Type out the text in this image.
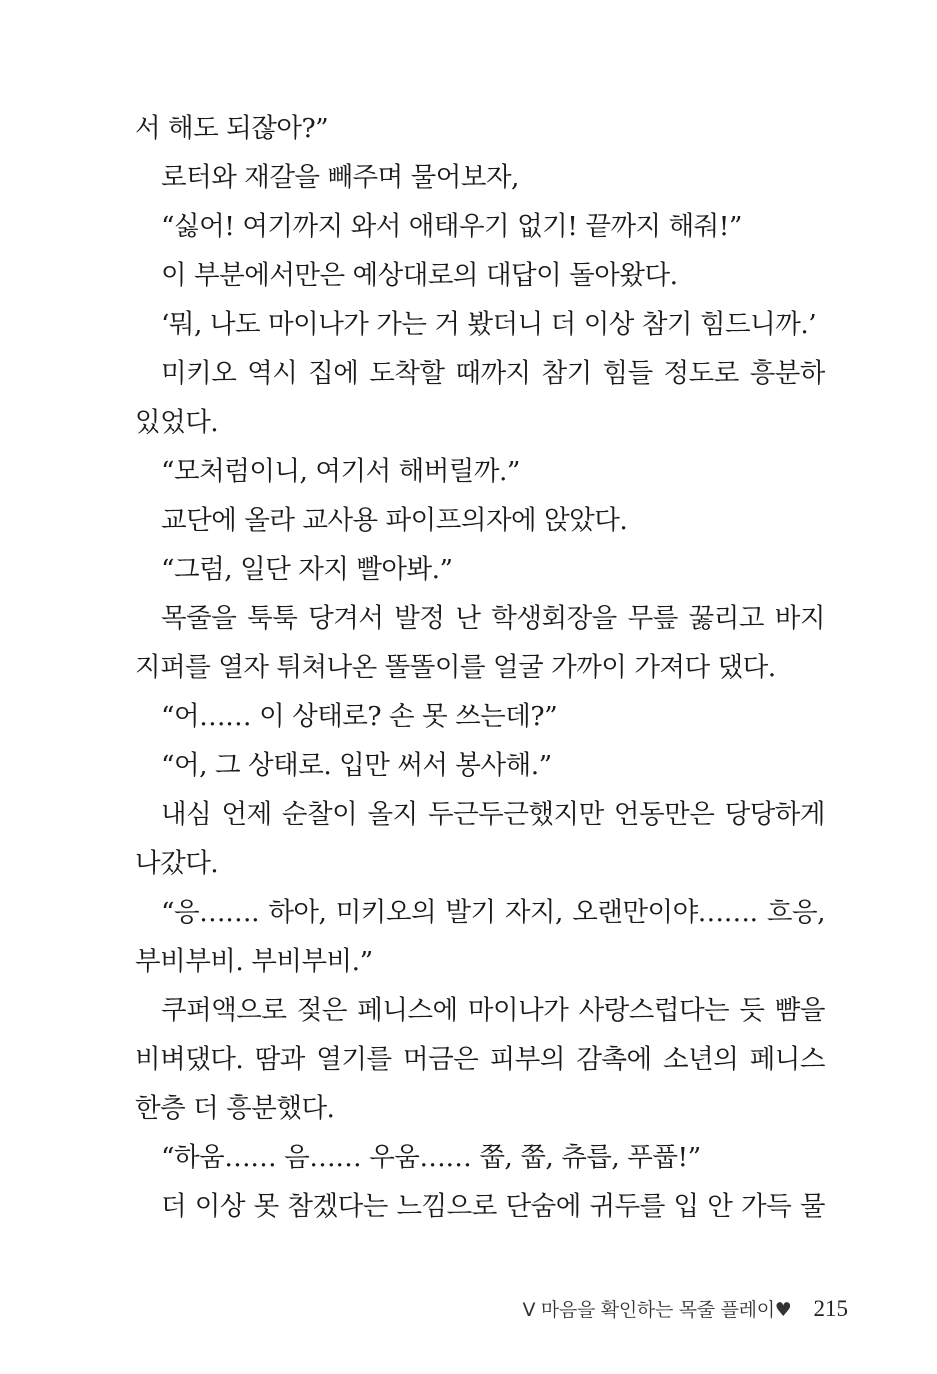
서 해도 되잖아?”
로터와 재갈을 빼주며 물어보자,
“싫어! 여기까지 와서 애태우기 없기! 끝까지 해줘!”
이 부분에서만은 예상대로의 대답이 돌아왔다.
‘뭐, 나도 마이나가 가는 거 봤더니 더 이상 참기 힘드니까.’
미키오 역시 집에 도착할 때까지 참기 힘들 정도로 흥분하
있었다.
“모처럼이니, 여기서 해버릴까.”
교단에 올라 교사용 파이프의자에 앉았다.
“그럼, 일단 자지 빨아봐.”
목줄을 툭툭 당겨서 발정 난 학생회장을 무릎 꿇리고 바지
지퍼를 열자 튀쳐나온 똘똘이를 얼굴 가까이 가져다 댔다.
“어…… 이 상태로? 손 못 쓰는데?”
“어, 그 상태로. 입만 써서 봉사해.”
내심 언제 순찰이 올지 두근두근했지만 언동만은 당당하게
나갔다.
“응……. 하아, 미키오의 발기 자지, 오랜만이야……. 흐응,
부비부비. 부비부비.”
쿠퍼액으로 젖은 페니스에 마이나가 사랑스럽다는 듯 뺨을
비벼댔다. 땀과 열기를 머금은 피부의 감촉에 소년의 페니스
한층 더 흥분했다.
“하움…… 음…… 우움…… 쭙, 쭙, 츄릅, 푸풉!”
더 이상 못 참겠다는 느낌으로 단숨에 귀두를 입 안 가득 물
V 마음을 확인하는 목줄 플레이♥ 215
